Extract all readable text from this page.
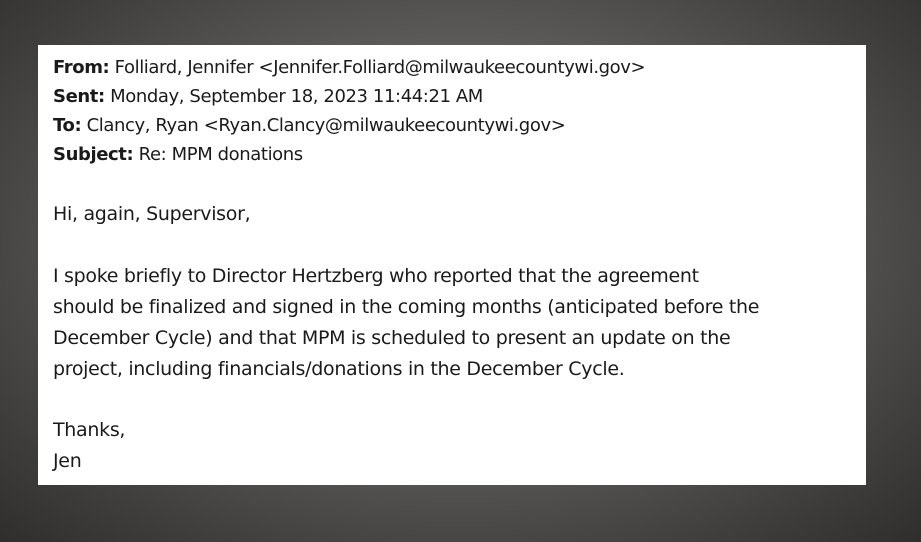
From: Folliard, Jennifer <Jennifer.Folliard@milwaukeecountywi.gov>
Sent: Monday, September 18, 2023 11:44:21 AM
To: Clancy, Ryan <Ryan.Clancy@milwaukeecountywi.gov>
Subject: Re: MPM donations
Hi, again, Supervisor,
I spoke briefly to Director Hertzberg who reported that the agreement
should be finalized and signed in the coming months (anticipated before the
December Cycle) and that MPM is scheduled to present an update on the
project, including financials/donations in the December Cycle.
Thanks,
Jen
